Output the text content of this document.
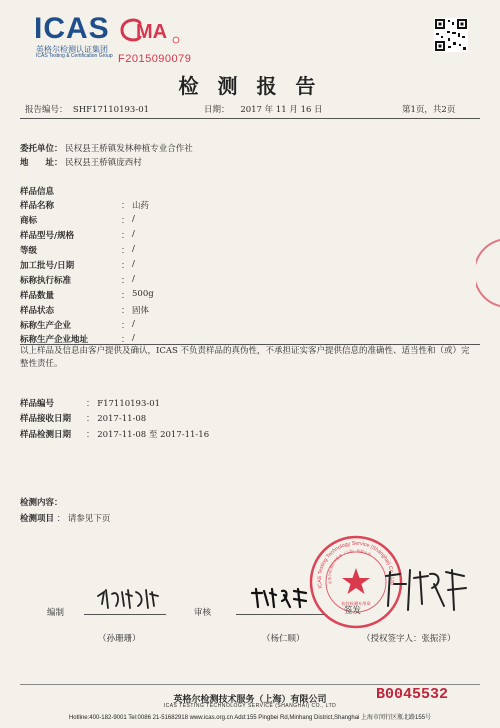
ICAS
英格尔检测认证集团
ICAS Testing & Certification Group
MA
F2015090079
检 测 报 告
报告编号： SHF17110193-01	日期： 2017 年 11 月 16 日	第1页，共2页
委托单位： 民权县王桥镇发林种植专业合作社
地　　址： 民权县王桥镇庞西村
样品信息
样品名称	： 山药
商标	： /
样品型号/规格	： /
等级	： /
加工批号/日期	： /
标称执行标准	： /
样品数量	： 500g
样品状态	： 固体
标称生产企业	： /
标称生产企业地址	： /
以上样品及信息由客户提供及确认，ICAS 不负责样品的真伪性，不承担证实客户提供信息的准确性、适当性和（或）完整性责任。
样品编号	： F17110193-01
样品接收日期 ： 2017-11-08
样品检测日期 ： 2017-11-08 至 2017-11-16
检测内容：
检测项目 ： 请参见下页
编制
（孙珊珊）
审核
（杨仁顺）
ICAS Testing Technology Service (Shanghai) Co., Ltd
英格尔检测技术服务（上海）有限公司
检验检测专用章
签发
（授权签字人：张振洋）
英格尔检测技术服务（上海）有限公司
ICAS TESTING TECHNOLOGY SERVICE (SHANGHAI) CO., LTD
B0045532
Hotline:400-182-9001 Tel:0086 21-51682918 www.icas.org.cn Add:155 Pingbei Rd,Minhang District,Shanghai 上海市闵行区瓶北路155号
